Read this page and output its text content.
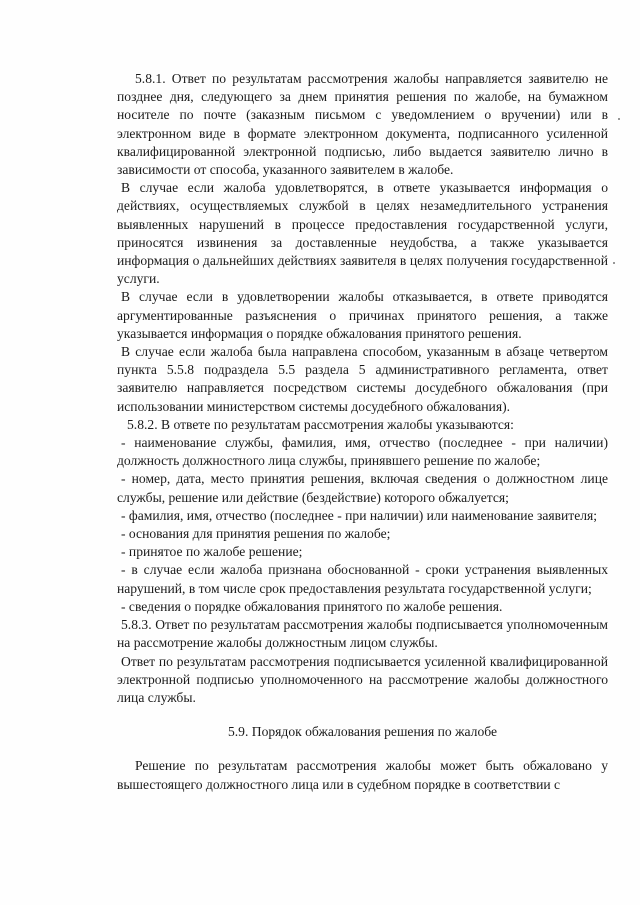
5.8.1. Ответ по результатам рассмотрения жалобы направляется заявителю не позднее дня, следующего за днем принятия решения по жалобе, на бумажном носителе по почте (заказным письмом с уведомлением о вручении) или в электронном виде в формате электронном документа, подписанного усиленной квалифицированной электронной подписью, либо выдается заявителю лично в зависимости от способа, указанного заявителем в жалобе.

В случае если жалоба удовлетворятся, в ответе указывается информация о действиях, осуществляемых службой в целях незамедлительного устранения выявленных нарушений в процессе предоставления государственной услуги, приносятся извинения за доставленные неудобства, а также указывается информация о дальнейших действиях заявителя в целях получения государственной услуги.

В случае если в удовлетворении жалобы отказывается, в ответе приводятся аргументированные разъяснения о причинах принятого решения, а также указывается информация о порядке обжалования принятого решения.

В случае если жалоба была направлена способом, указанным в абзаце четвертом пункта 5.5.8 подраздела 5.5 раздела 5 административного регламента, ответ заявителю направляется посредством системы досудебного обжалования (при использовании министерством системы досудебного обжалования).

5.8.2. В ответе по результатам рассмотрения жалобы указываются:

- наименование службы, фамилия, имя, отчество (последнее - при наличии) должность должностного лица службы, принявшего решение по жалобе;

- номер, дата, место принятия решения, включая сведения о должностном лице службы, решение или действие (бездействие) которого обжалуется;

- фамилия, имя, отчество (последнее - при наличии) или наименование заявителя;

- основания для принятия решения по жалобе;

- принятое по жалобе решение;

- в случае если жалоба признана обоснованной - сроки устранения выявленных нарушений, в том числе срок предоставления результата государственной услуги;

- сведения о порядке обжалования принятого по жалобе решения.

5.8.3. Ответ по результатам рассмотрения жалобы подписывается уполномоченным на рассмотрение жалобы должностным лицом службы.

Ответ по результатам рассмотрения подписывается усиленной квалифицированной электронной подписью уполномоченного на рассмотрение жалобы должностного лица службы.

5.9. Порядок обжалования решения по жалобе

Решение по результатам рассмотрения жалобы может быть обжаловано у вышестоящего должностного лица или в судебном порядке в соответствии с
